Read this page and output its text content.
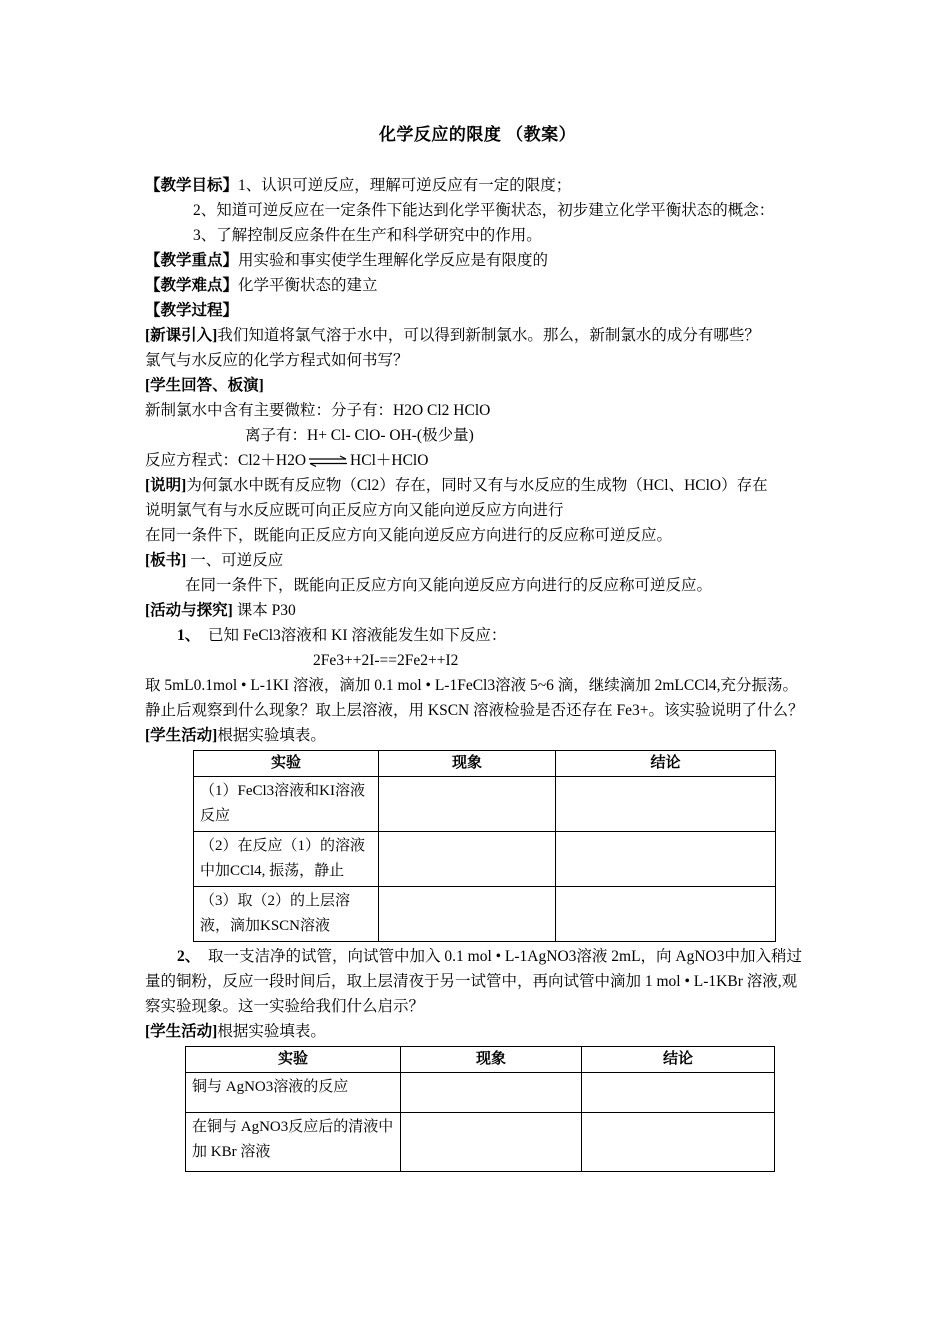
化学反应的限度 （教案）
【教学目标】1、认识可逆反应，理解可逆反应有一定的限度；
2、知道可逆反应在一定条件下能达到化学平衡状态，初步建立化学平衡状态的概念：
3、了解控制反应条件在生产和科学研究中的作用。
【教学重点】用实验和事实使学生理解化学反应是有限度的
【教学难点】化学平衡状态的建立
【教学过程】
[新课引入]我们知道将氯气溶于水中，可以得到新制氯水。那么，新制氯水的成分有哪些？
氯气与水反应的化学方程式如何书写？
[学生回答、板演]
新制氯水中含有主要微粒：分子有：H2O Cl2 HClO
离子有：H+ Cl- ClO- OH-(极少量)
反应方程式：Cl2＋H2O ⇌ HCl＋HClO
[说明]为何氯水中既有反应物（Cl2）存在，同时又有与水反应的生成物（HCl、HClO）存在
说明氯气有与水反应既可向正反应方向又能向逆反应方向进行
在同一条件下，既能向正反应方向又能向逆反应方向进行的反应称可逆反应。
[板书] 一、可逆反应
在同一条件下，既能向正反应方向又能向逆反应方向进行的反应称可逆反应。
[活动与探究] 课本 P30
1、 已知 FeCl3溶液和 KI 溶液能发生如下反应：
2Fe3++2I-==2Fe2++I2
取 5mL0.1mol • L-1KI 溶液，滴加 0.1 mol • L-1FeCl3溶液 5~6 滴，继续滴加 2mLCCl4,充分振荡。静止后观察到什么现象？取上层溶液，用 KSCN 溶液检验是否还存在 Fe3+。该实验说明了什么？
[学生活动]根据实验填表。
实验	现象	结论
（1）FeCl3溶液和KI溶液反应		
（2）在反应（1）的溶液中加CCl4, 振荡，静止		
（3）取（2）的上层溶液，滴加KSCN溶液		
2、 取一支洁净的试管，向试管中加入 0.1 mol • L-1AgNO3溶液 2mL，向 AgNO3中加入稍过量的铜粉，反应一段时间后，取上层清夜于另一试管中，再向试管中滴加 1 mol • L-1KBr 溶液,观察实验现象。这一实验给我们什么启示？
[学生活动]根据实验填表。
实验	现象	结论
铜与 AgNO3溶液的反应		
在铜与 AgNO3反应后的清液中加 KBr 溶液		
